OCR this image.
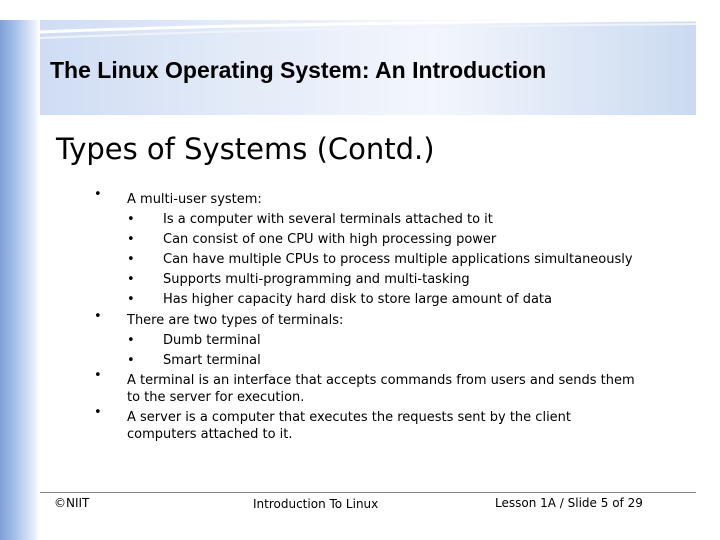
The Linux Operating System: An Introduction
Types of Systems (Contd.)
• A multi-user system:
• Is a computer with several terminals attached to it
• Can consist of one CPU with high processing power
• Can have multiple CPUs to process multiple applications simultaneously
• Supports multi-programming and multi-tasking
• Has higher capacity hard disk to store large amount of data
• There are two types of terminals:
• Dumb terminal
• Smart terminal
• A terminal is an interface that accepts commands from users and sends them
to the server for execution.
• A server is a computer that executes the requests sent by the client
computers attached to it.
©NIIT	Introduction To Linux	Lesson 1A / Slide 5 of 29
